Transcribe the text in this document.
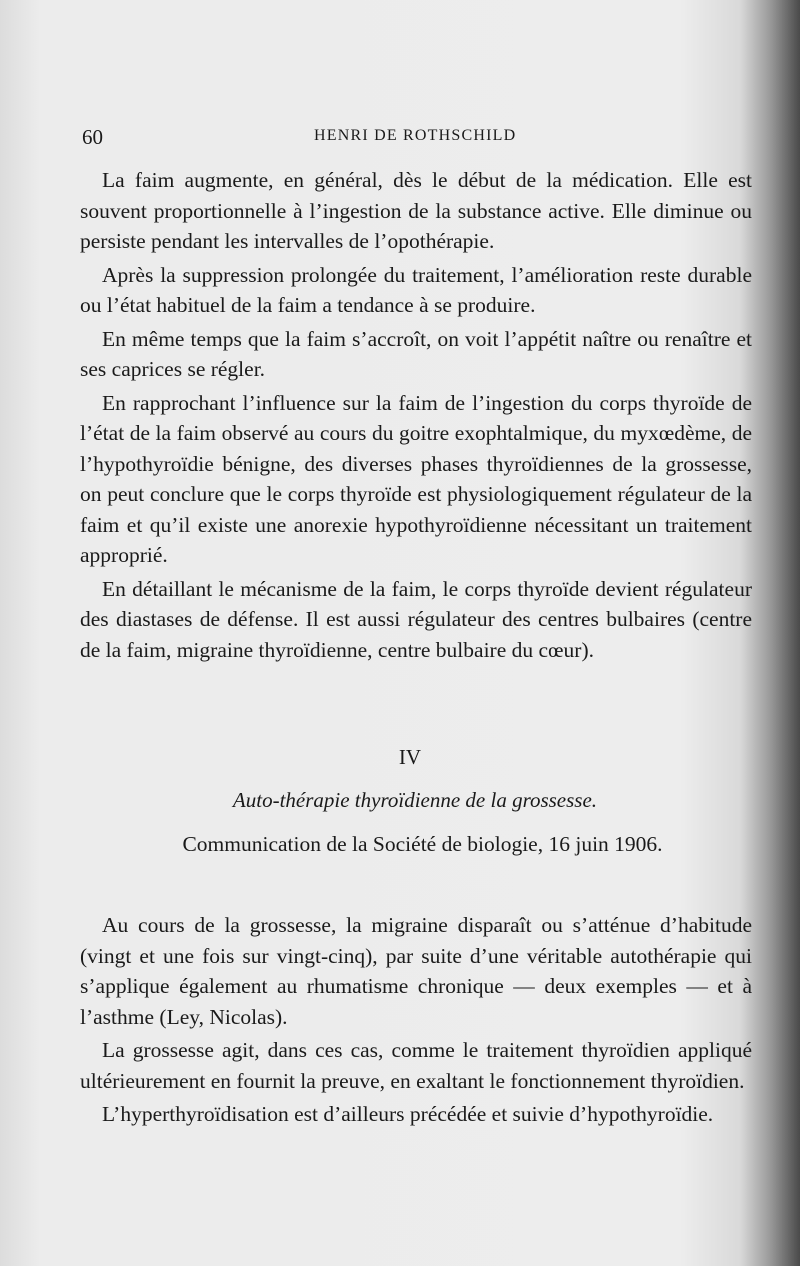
60	HENRI DE ROTHSCHILD

La faim augmente, en général, dès le début de la médication. Elle est souvent proportionnelle à l’ingestion de la substance active. Elle diminue ou persiste pendant les intervalles de l’opothérapie.

Après la suppression prolongée du traitement, l’amélioration reste durable ou l’état habituel de la faim a tendance à se produire.

En même temps que la faim s’accroît, on voit l’appétit naître ou renaître et ses caprices se régler.

En rapprochant l’influence sur la faim de l’ingestion du corps thyroïde de l’état de la faim observé au cours du goitre exophtalmique, du myxœdème, de l’hypothyroïdie bénigne, des diverses phases thyroïdiennes de la grossesse, on peut conclure que le corps thyroïde est physiologiquement régulateur de la faim et qu’il existe une anorexie hypothyroïdienne nécessitant un traitement approprié.

En détaillant le mécanisme de la faim, le corps thyroïde devient régulateur des diastases de défense. Il est aussi régulateur des centres bulbaires (centre de la faim, migraine thyroïdienne, centre bulbaire du cœur).

IV
Auto-thérapie thyroïdienne de la grossesse.
Communication de la Société de biologie, 16 juin 1906.

Au cours de la grossesse, la migraine disparaît ou s’atténue d’habitude (vingt et une fois sur vingt-cinq), par suite d’une véritable autothérapie qui s’applique également au rhumatisme chronique — deux exemples — et à l’asthme (Ley, Nicolas).

La grossesse agit, dans ces cas, comme le traitement thyroïdien appliqué ultérieurement en fournit la preuve, en exaltant le fonctionnement thyroïdien.

L’hyperthyroïdisation est d’ailleurs précédée et suivie d’hypothyroïdie.
